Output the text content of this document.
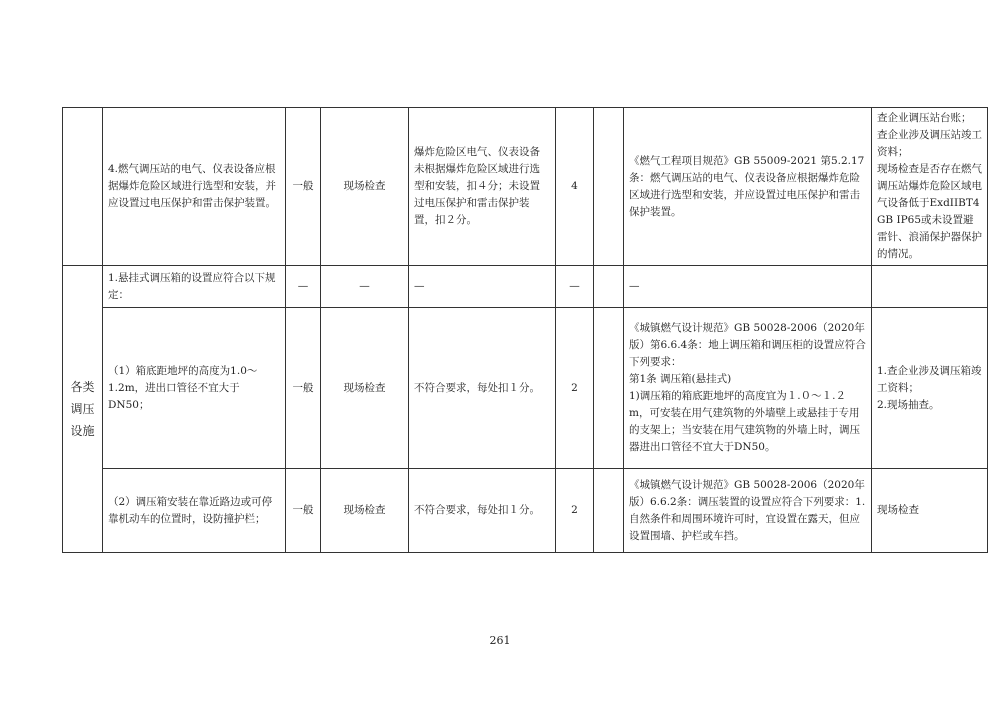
	4.燃气调压站的电气、仪表设备应根据爆炸危险区域进行选型和安装，并应设置过电压保护和雷击保护装置。	一般	现场检查	爆炸危险区电气、仪表设备未根据爆炸危险区域进行选型和安装，扣４分；未设置过电压保护和雷击保护装置，扣２分。	4		《燃气工程项目规范》GB 55009-2021 第5.2.17条：燃气调压站的电气、仪表设备应根据爆炸危险区域进行选型和安装，并应设置过电压保护和雷击保护装置。	查企业调压站台账；
查企业涉及调压站竣工资料；
现场检查是否存在燃气调压站爆炸危险区域电气设备低于ExdIIBT4 GB IP65或未设置避雷针、浪涌保护器保护的情况。

各类调压设施	1.悬挂式调压箱的设置应符合以下规定：	—	—	—	—		—	
	（1）箱底距地坪的高度为1.0～1.2m，进出口管径不宜大于DN50；	一般	现场检查	不符合要求，每处扣１分。	2		《城镇燃气设计规范》GB 50028-2006（2020年版）第6.6.4条：地上调压箱和调压柜的设置应符合下列要求：
第1条 调压箱(悬挂式)
1)调压箱的箱底距地坪的高度宜为１.０～１.２m，可安装在用气建筑物的外墙壁上或悬挂于专用的支架上；当安装在用气建筑物的外墙上时，调压器进出口管径不宜大于DN50。	1.查企业涉及调压箱竣工资料；
2.现场抽查。

	（2）调压箱安装在靠近路边或可停靠机动车的位置时，设防撞护栏；	一般	现场检查	不符合要求，每处扣１分。	2		《城镇燃气设计规范》GB 50028-2006（2020年版）6.6.2条：调压装置的设置应符合下列要求：1.自然条件和周围环境许可时，宜设置在露天，但应设置围墙、护栏或车挡。	现场检查
261
